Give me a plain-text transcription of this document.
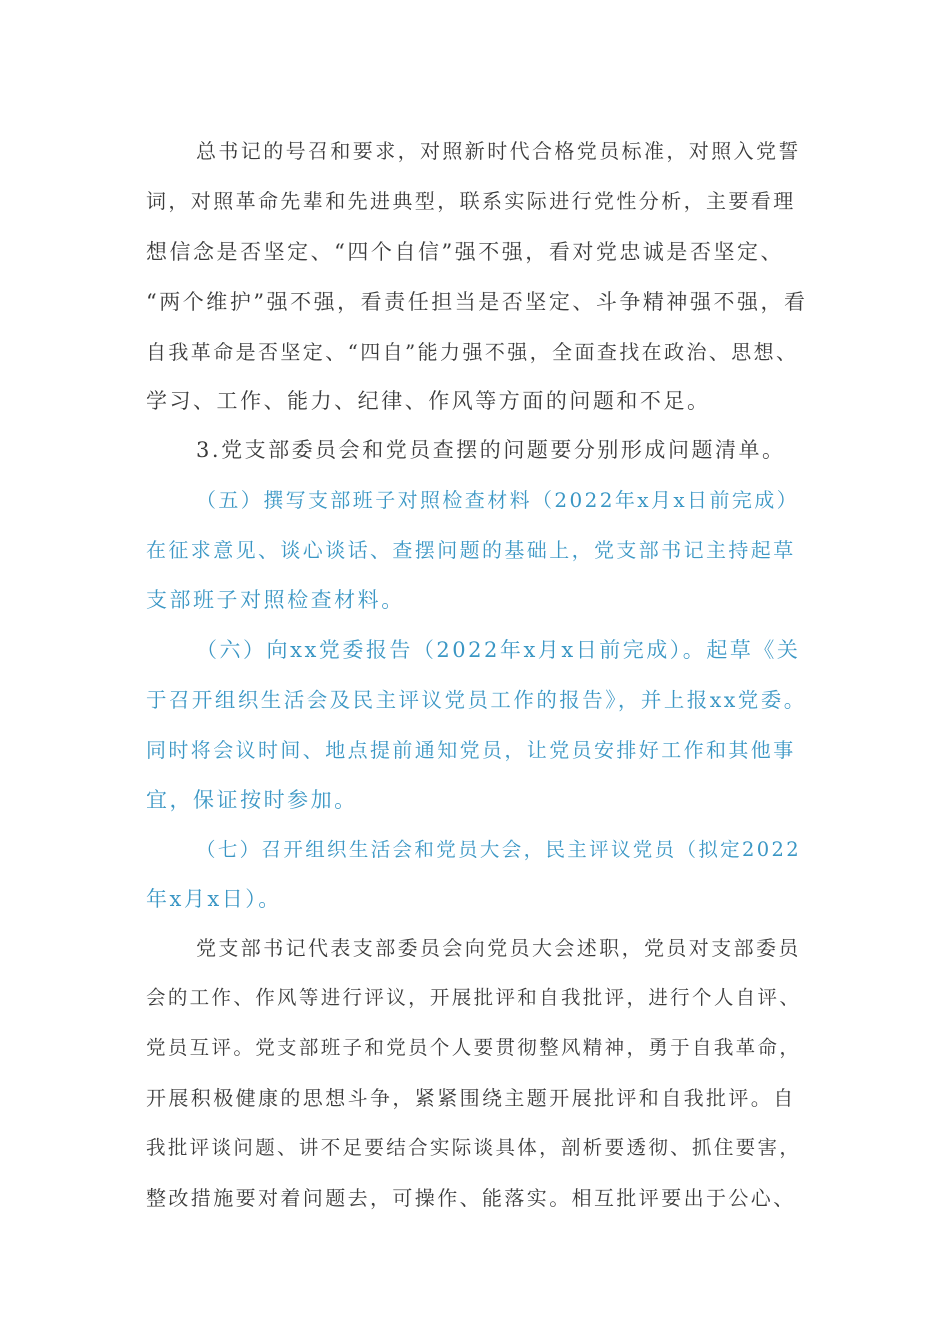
总书记的号召和要求，对照新时代合格党员标准，对照入党誓
词，对照革命先辈和先进典型，联系实际进行党性分析，主要看理
想信念是否坚定、“四个自信”强不强，看对党忠诚是否坚定、
“两个维护”强不强，看责任担当是否坚定、斗争精神强不强，看
自我革命是否坚定、“四自”能力强不强，全面查找在政治、思想、
学习、工作、能力、纪律、作风等方面的问题和不足。
3.党支部委员会和党员查摆的问题要分别形成问题清单。
（五）撰写支部班子对照检查材料（2022年x月x日前完成）
在征求意见、谈心谈话、查摆问题的基础上，党支部书记主持起草
支部班子对照检查材料。
（六）向xx党委报告（2022年x月x日前完成）。起草《关
于召开组织生活会及民主评议党员工作的报告》，并上报xx党委。
同时将会议时间、地点提前通知党员，让党员安排好工作和其他事
宜，保证按时参加。
（七）召开组织生活会和党员大会，民主评议党员（拟定2022
年x月x日）。
党支部书记代表支部委员会向党员大会述职，党员对支部委员
会的工作、作风等进行评议，开展批评和自我批评，进行个人自评、
党员互评。党支部班子和党员个人要贯彻整风精神，勇于自我革命，
开展积极健康的思想斗争，紧紧围绕主题开展批评和自我批评。自
我批评谈问题、讲不足要结合实际谈具体，剖析要透彻、抓住要害，
整改措施要对着问题去，可操作、能落实。相互批评要出于公心、
